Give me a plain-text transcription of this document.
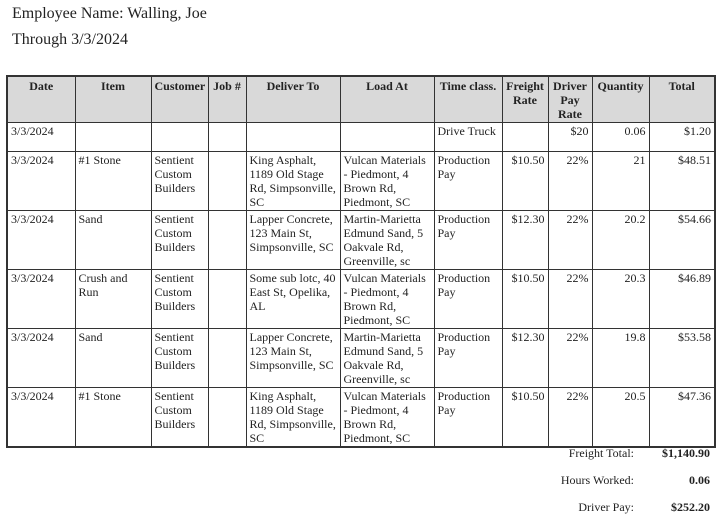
Employee Name: Walling, Joe
Through 3/3/2024
Date	Item	Customer	Job #	Deliver To	Load At	Time class.	Freight Rate	Driver Pay Rate	Quantity	Total
3/3/2024						Drive Truck		$20	0.06	$1.20
3/3/2024	#1 Stone	Sentient Custom Builders		King Asphalt, 1189 Old Stage Rd, Simpsonville, SC	Vulcan Materials - Piedmont, 4 Brown Rd, Piedmont, SC	Production Pay	$10.50	22%	21	$48.51
3/3/2024	Sand	Sentient Custom Builders		Lapper Concrete, 123 Main St, Simpsonville, SC	Martin-Marietta Edmund Sand, 5 Oakvale Rd, Greenville, sc	Production Pay	$12.30	22%	20.2	$54.66
3/3/2024	Crush and Run	Sentient Custom Builders		Some sub lotc, 40 East St, Opelika, AL	Vulcan Materials - Piedmont, 4 Brown Rd, Piedmont, SC	Production Pay	$10.50	22%	20.3	$46.89
3/3/2024	Sand	Sentient Custom Builders		Lapper Concrete, 123 Main St, Simpsonville, SC	Martin-Marietta Edmund Sand, 5 Oakvale Rd, Greenville, sc	Production Pay	$12.30	22%	19.8	$53.58
3/3/2024	#1 Stone	Sentient Custom Builders		King Asphalt, 1189 Old Stage Rd, Simpsonville, SC	Vulcan Materials - Piedmont, 4 Brown Rd, Piedmont, SC	Production Pay	$10.50	22%	20.5	$47.36
Freight Total: $1,140.90
Hours Worked:	0.06
Driver Pay:	$252.20
